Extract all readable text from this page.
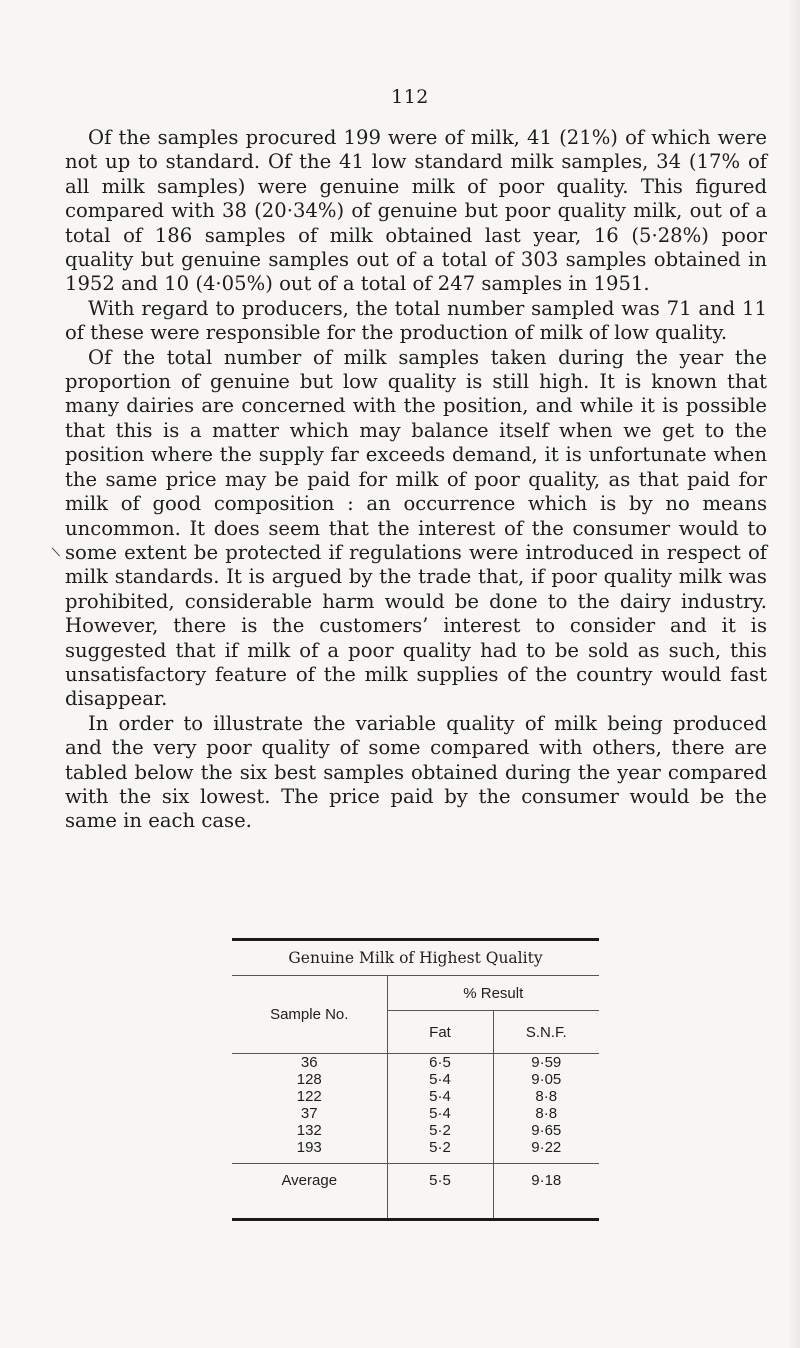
112
\

Of the samples procured 199 were of milk, 41 (21%) of which were not up to standard. Of the 41 low standard milk samples, 34 (17% of all milk samples) were genuine milk of poor quality. This figured compared with 38 (20·34%) of genuine but poor quality milk, out of a total of 186 samples of milk obtained last year, 16 (5·28%) poor quality but genuine samples out of a total of 303 samples obtained in 1952 and 10 (4·05%) out of a total of 247 samples in 1951.

With regard to producers, the total number sampled was 71 and 11 of these were responsible for the production of milk of low quality.

Of the total number of milk samples taken during the year the proportion of genuine but low quality is still high. It is known that many dairies are concerned with the position, and while it is possible that this is a matter which may balance itself when we get to the position where the supply far exceeds demand, it is unfortunate when the same price may be paid for milk of poor quality, as that paid for milk of good composition : an occurrence which is by no means uncommon. It does seem that the interest of the consumer would to some extent be protected if regulations were introduced in respect of milk standards. It is argued by the trade that, if poor quality milk was prohibited, considerable harm would be done to the dairy industry. However, there is the customers’ interest to consider and it is suggested that if milk of a poor quality had to be sold as such, this unsatisfactory feature of the milk supplies of the country would fast disappear.

In order to illustrate the variable quality of milk being produced and the very poor quality of some compared with others, there are tabled below the six best samples obtained during the year compared with the six lowest. The price paid by the consumer would be the same in each case.

Genuine Milk of Highest Quality
Sample No.	% Result	
	Fat	S.N.F.
36	6·5	9·59
128	5·4	9·05
122	5·4	8·8
37	5·4	8·8
132	5·2	9·65
193	5·2	9·22
Average	5·5	9·18
